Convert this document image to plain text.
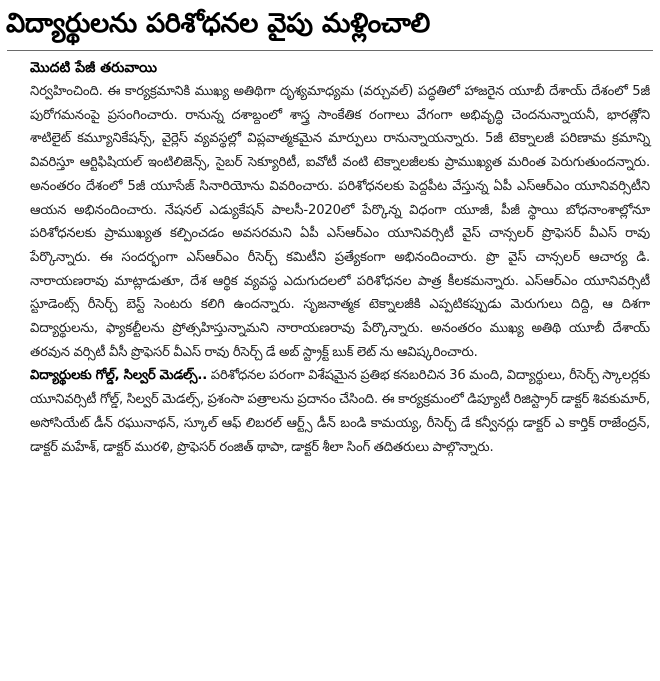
విద్యార్థులను పరిశోధనల వైపు మళ్లించాలి
మొదటి పేజీ తరువాయి

నిర్వహించింది. ఈ కార్యక్రమానికి ముఖ్య అతిథిగా దృశ్యమాధ్యమ (వర్చువల్) పద్ధతిలో హాజరైన యూబీ దేశాయ్ దేశంలో 5జీ పురోగమనంపై ప్రసంగించారు. రానున్న దశాబ్దంలో శాస్త్ర సాంకేతిక రంగాలు వేగంగా అభివృద్ధి చెందనున్నాయనీ, భారత్లోని శాటిలైట్ కమ్యూనికేషన్స్, వైర్లెస్ వ్యవస్థల్లో విప్లవాత్మకమైన మార్పులు రానున్నాయన్నారు. 5జీ టెక్నాలజీ పరిణామ క్రమాన్ని వివరిస్తూ ఆర్టిఫిషియల్ ఇంటిలిజెన్స్, సైబర్ సెక్యూరిటీ, ఐవోటీ వంటి టెక్నాలజీలకు ప్రాముఖ్యత మరింత పెరుగుతుందన్నారు. అనంతరం దేశంలో 5జీ యూసేజ్ సినారియోను వివరించారు. పరిశోధనలకు పెద్దపీట వేస్తున్న ఏపీ ఎస్ఆర్ఎం యూనివర్సిటీని ఆయన అభినందించారు. నేషనల్ ఎడ్యుకేషన్ పాలసీ-2020లో పేర్కొన్న విధంగా యూజీ, పీజీ స్థాయి బోధనాంశాల్లోనూ పరిశోధనలకు ప్రాముఖ్యత కల్పించడం అవసరమని ఏపీ ఎస్ఆర్ఎం యూనివర్సిటీ వైస్ చాన్సలర్ ప్రొఫెసర్ వీఎస్ రావు పేర్కొన్నారు. ఈ సందర్భంగా ఎస్ఆర్ఎం రీసెర్చ్ కమిటీని ప్రత్యేకంగా అభినందించారు. ప్రొ వైస్ చాన్సలర్ ఆచార్య డి. నారాయణరావు మాట్లాడుతూ, దేశ ఆర్థిక వ్యవస్థ ఎదుగుదలలో పరిశోధనల పాత్ర కీలకమన్నారు. ఎస్ఆర్ఎం యూనివర్సిటీ స్టూడెంట్స్ రీసెర్చ్ బెస్ట్ సెంటరు కలిగి ఉందన్నారు. సృజనాత్మక టెక్నాలజీకి ఎప్పటికప్పుడు మెరుగులు దిద్ది, ఆ దిశగా విద్యార్థులను, ఫ్యాకల్టీలను ప్రోత్సహిస్తున్నామని నారాయణరావు పేర్కొన్నారు. అనంతరం ముఖ్య అతిథి యూబీ దేశాయ్ తరవున వర్సిటీ వీసీ ప్రొఫెసర్ వీఎస్ రావు రీసెర్చ్ డే అబ్ స్ట్రాక్ట్ బుక్ లెట్ ను ఆవిష్కరించారు.

విద్యార్థులకు గోల్డ్, సిల్వర్ మెడల్స్.. పరిశోధనల పరంగా విశేషమైన ప్రతిభ కనబరిచిన 36 మంది, విద్యార్థులు, రీసెర్చ్ స్కాలర్లకు యూనివర్సిటీ గోల్డ్, సిల్వర్ మెడల్స్, ప్రశంసా పత్రాలను ప్రదానం చేసింది. ఈ కార్యక్రమంలో డిప్యూటీ రిజిస్ట్రార్ డాక్టర్ శివకుమార్, అసోసియేట్ డీన్ రఘునాథన్, స్కూల్ ఆఫ్ లిబరల్ ఆర్ట్స్ డీన్ బండి కామయ్య, రీసెర్చ్ డే కన్వీనర్లు డాక్టర్ ఎ కార్తిక్ రాజేంద్రన్, డాక్టర్ మహేశ్, డాక్టర్ మురళి, ప్రొఫెసర్ రంజిత్ థాపా, డాక్టర్ శీలా సింగ్ తదితరులు పాల్గొన్నారు.
